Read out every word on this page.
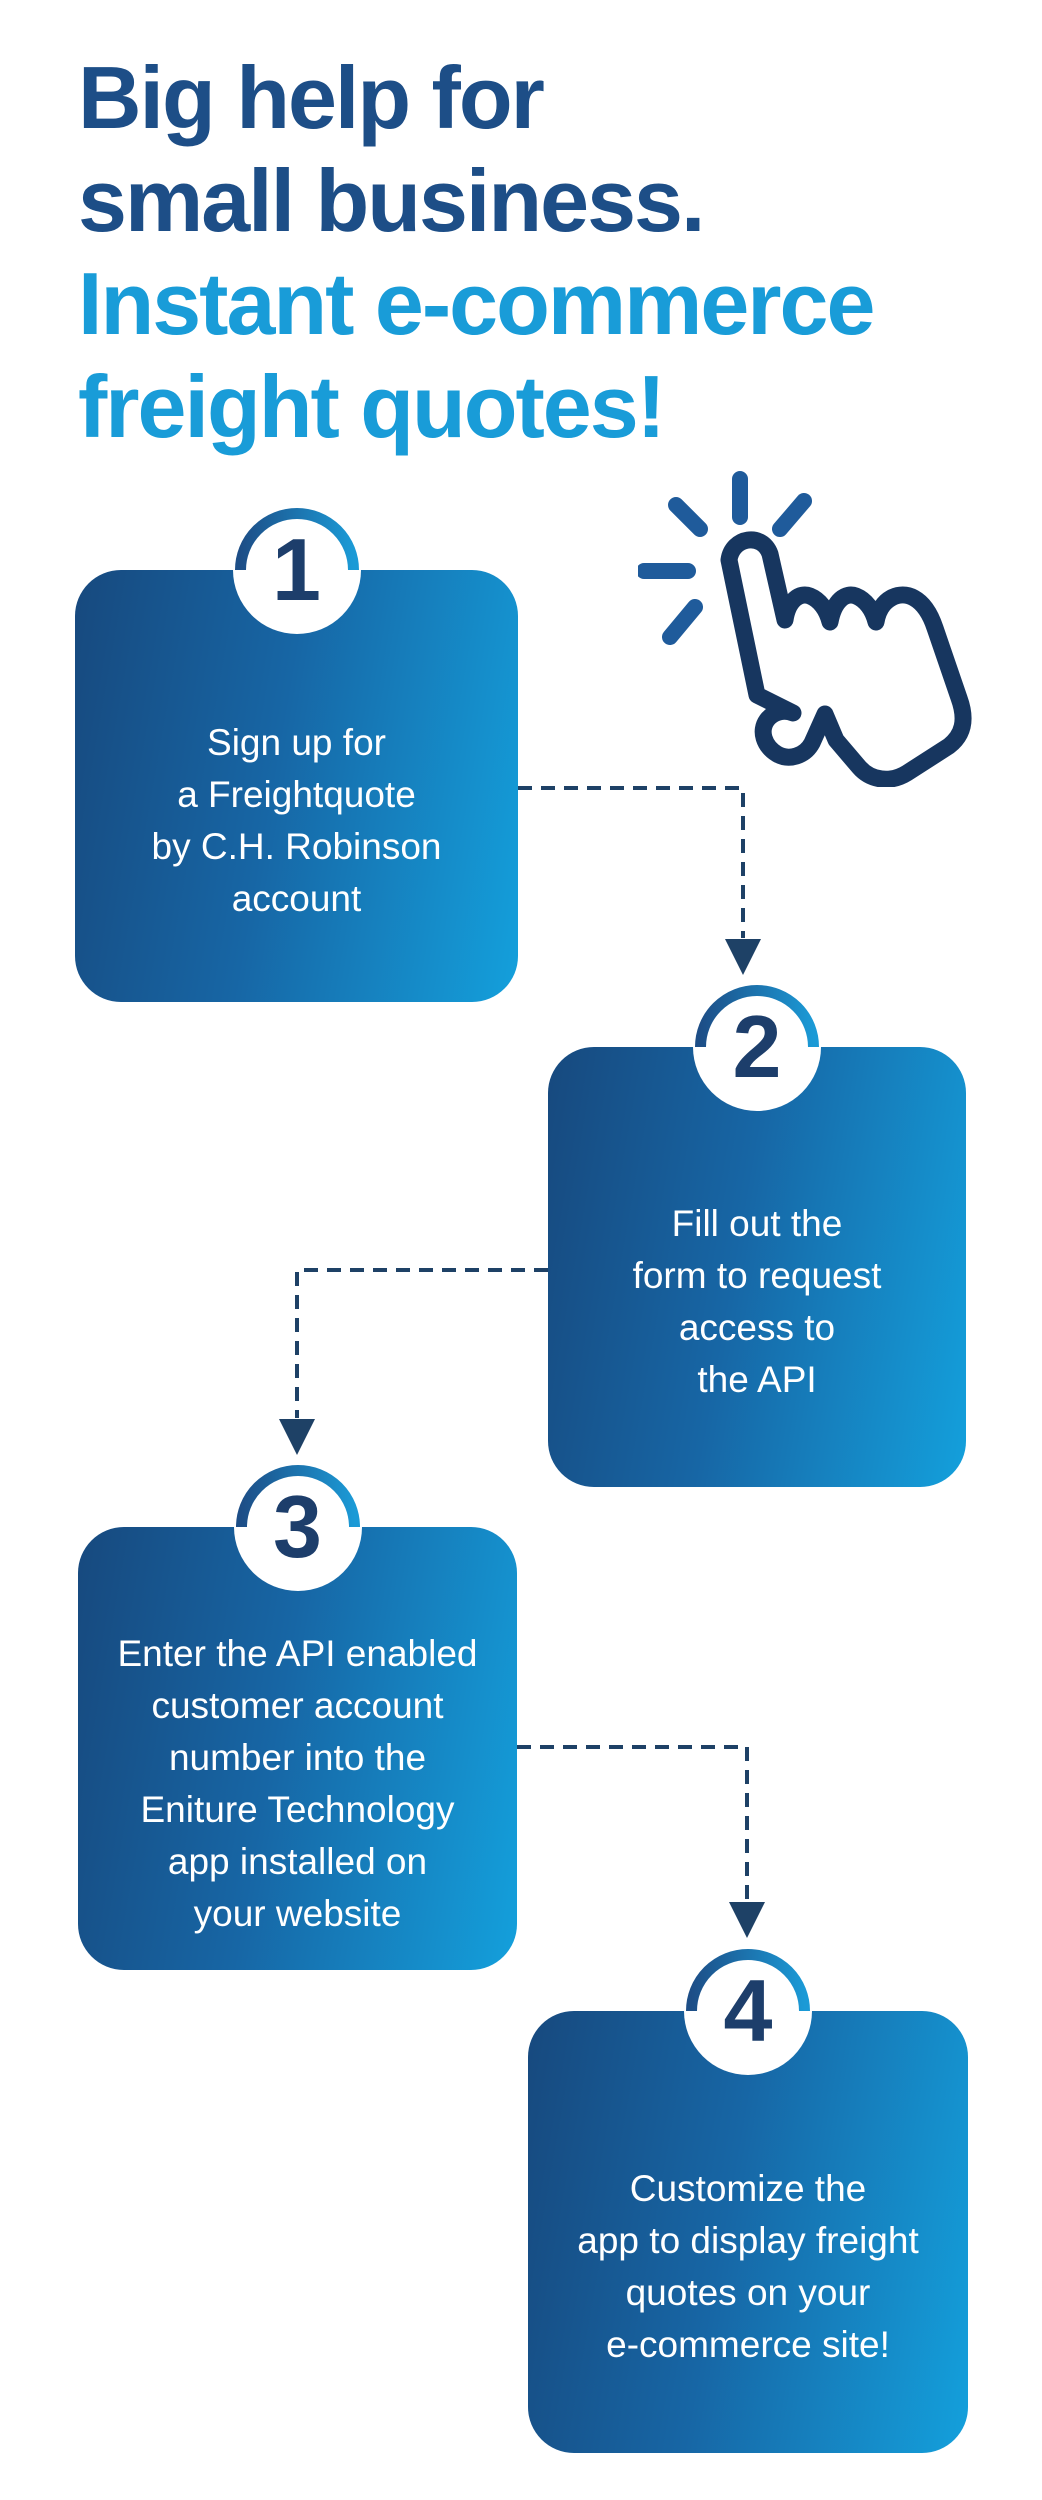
Big help for
small business.
Instant e-commerce
freight quotes!
1
Sign up for
a Freightquote
by C.H. Robinson
account
2
Fill out the
form to request
access to
the API
3
Enter the API enabled
customer account
number into the
Eniture Technology
app installed on
your website
4
Customize the
app to display freight
quotes on your
e-commerce site!
